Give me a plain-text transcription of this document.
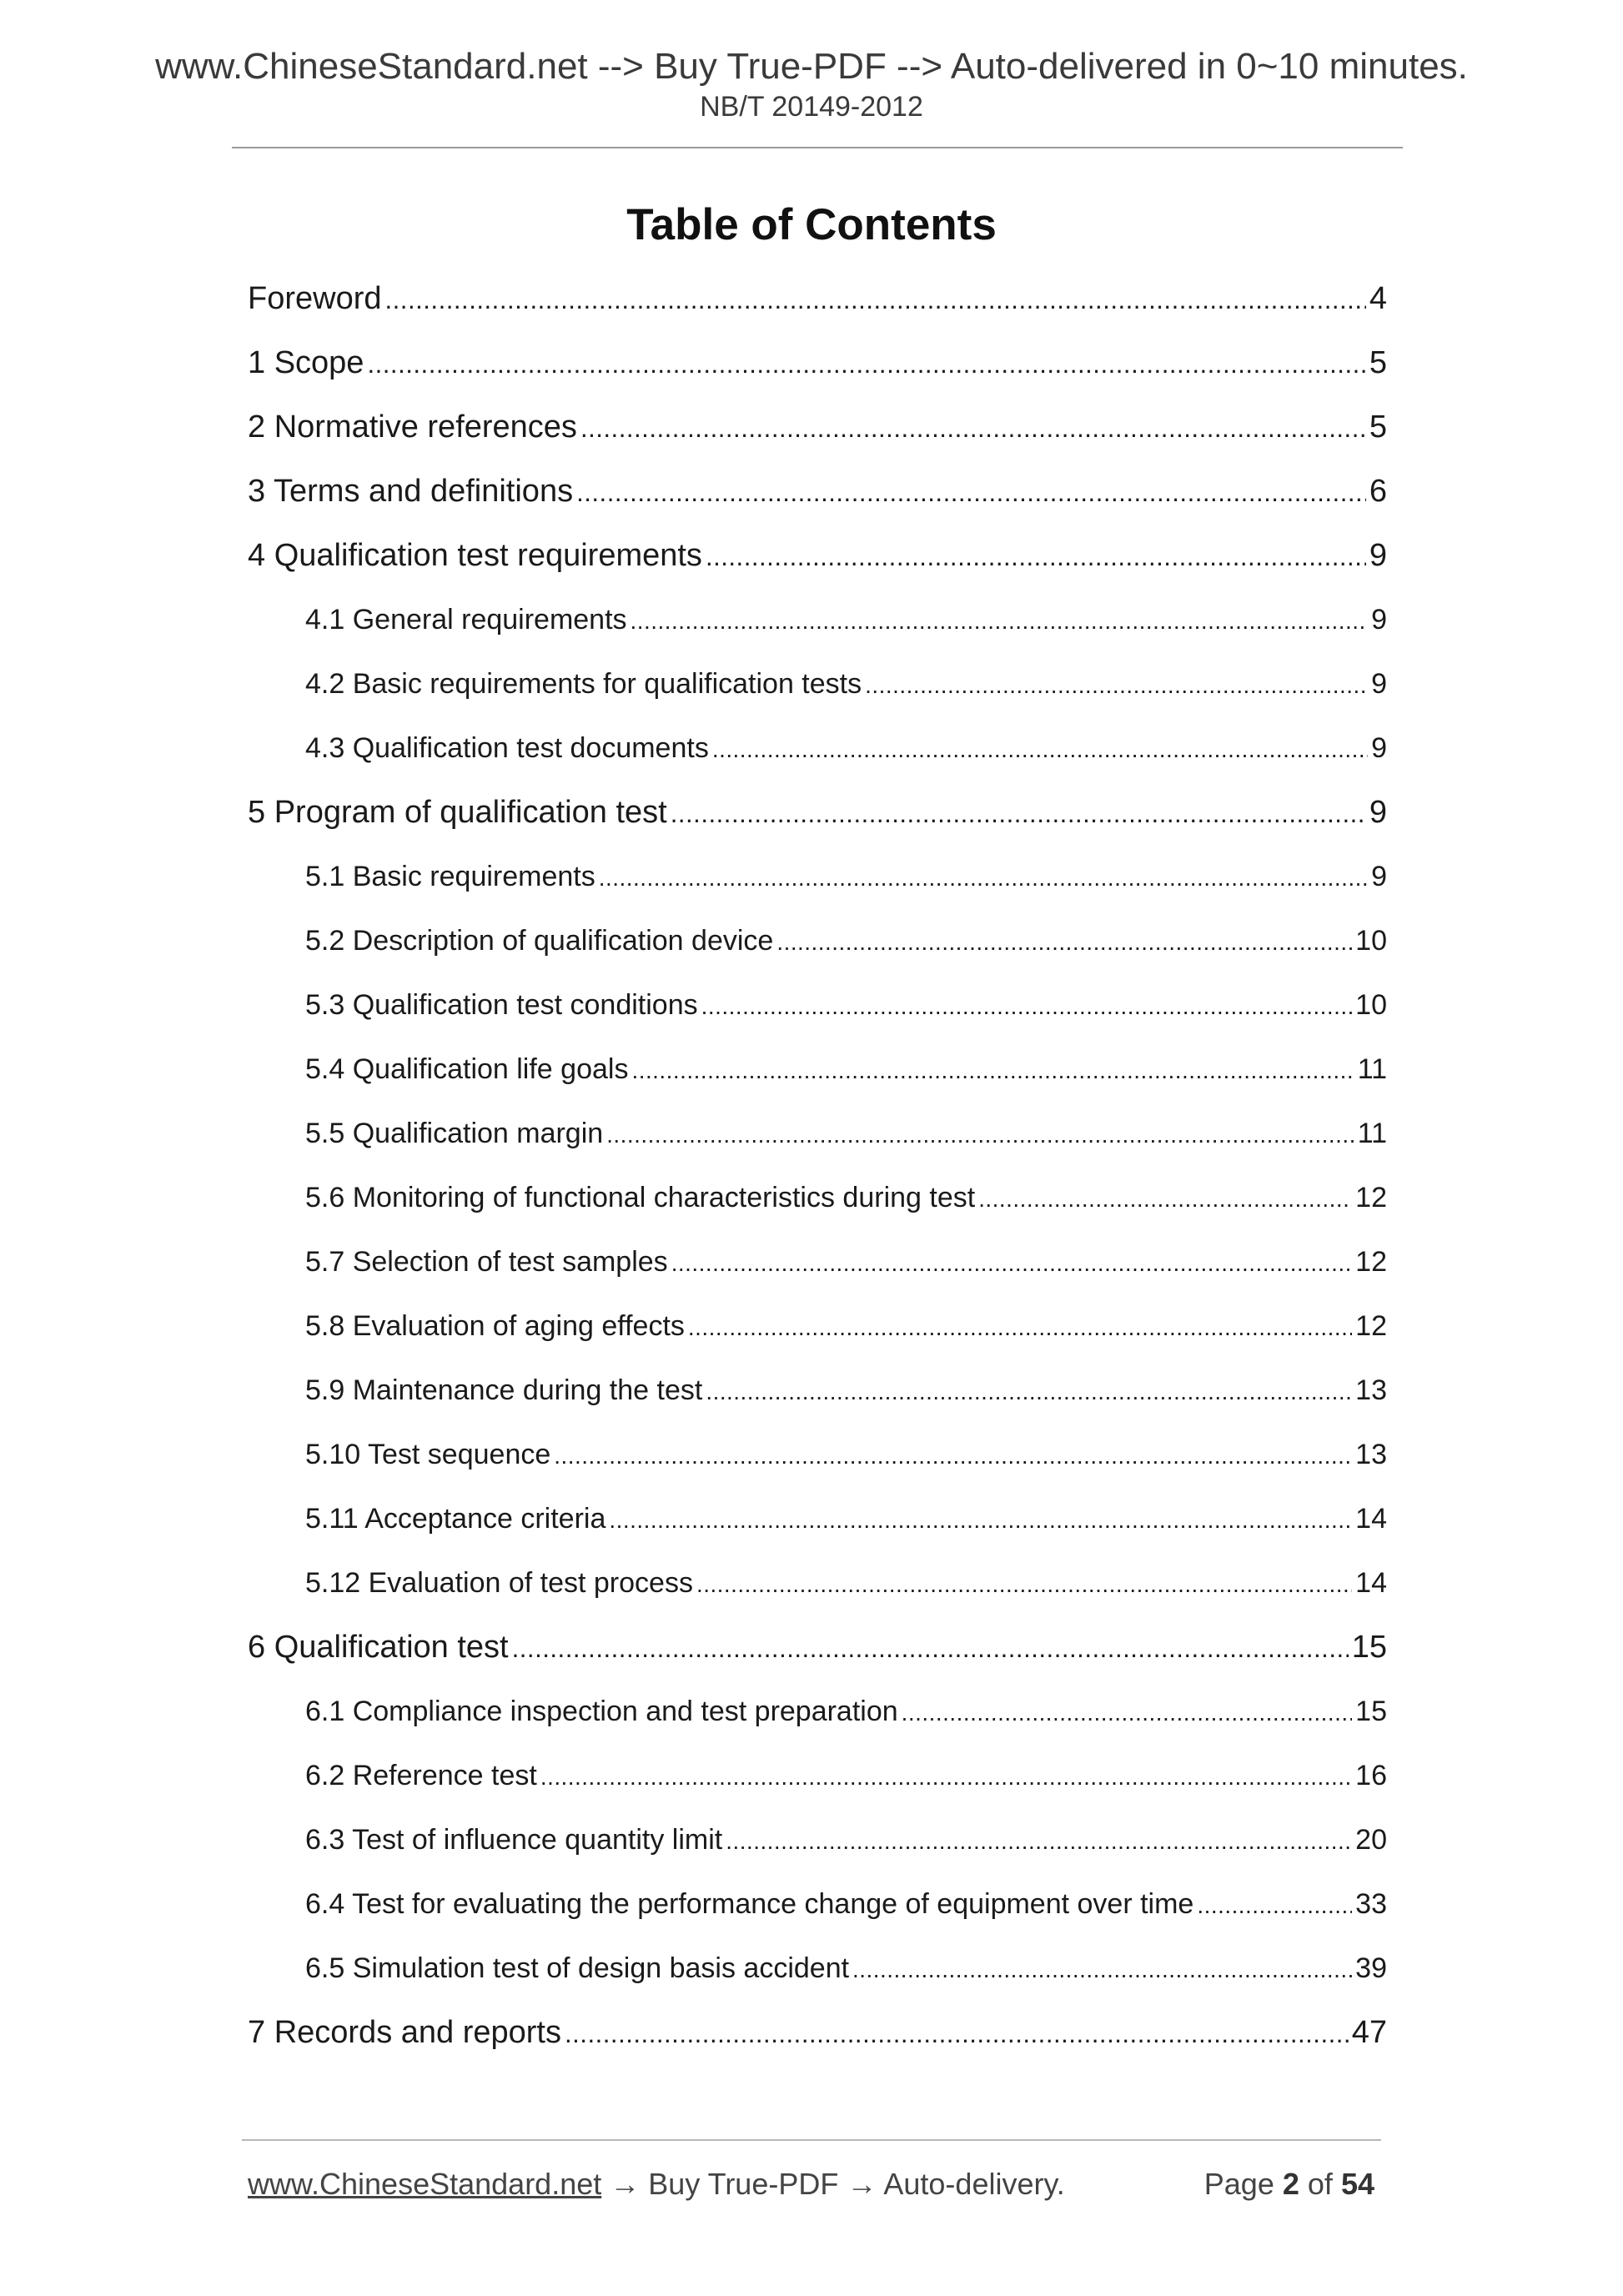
www.ChineseStandard.net --> Buy True-PDF --> Auto-delivered in 0~10 minutes.
NB/T 20149-2012
Table of Contents
Foreword .....	4
1 Scope .....	5
2 Normative references .....	5
3 Terms and definitions .....	6
4 Qualification test requirements .....	9
4.1 General requirements .....	9
4.2 Basic requirements for qualification tests .....	9
4.3 Qualification test documents .....	9
5 Program of qualification test .....	9
5.1 Basic requirements .....	9
5.2 Description of qualification device .....	10
5.3 Qualification test conditions .....	10
5.4 Qualification life goals .....	11
5.5 Qualification margin .....	11
5.6 Monitoring of functional characteristics during test .....	12
5.7 Selection of test samples .....	12
5.8 Evaluation of aging effects .....	12
5.9 Maintenance during the test .....	13
5.10 Test sequence .....	13
5.11 Acceptance criteria .....	14
5.12 Evaluation of test process .....	14
6 Qualification test .....	15
6.1 Compliance inspection and test preparation .....	15
6.2 Reference test .....	16
6.3 Test of influence quantity limit .....	20
6.4 Test for evaluating the performance change of equipment over time .....	33
6.5 Simulation test of design basis accident .....	39
7 Records and reports .....	47
www.ChineseStandard.net → Buy True-PDF → Auto-delivery.	Page 2 of 54
